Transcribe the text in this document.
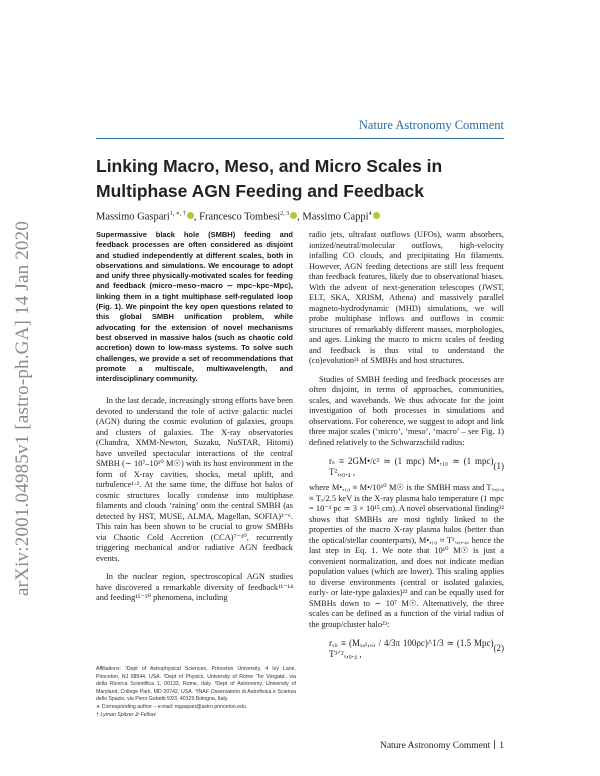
arXiv:2001.04985v1 [astro-ph.GA] 14 Jan 2020
Nature Astronomy Comment
Linking Macro, Meso, and Micro Scales in Multiphase AGN Feeding and Feedback
Massimo Gaspari$^{1, ∗, \dagger}$ , Francesco Tombesi$^{2, 3}$ , Massimo Cappi$^4$

Supermassive black hole (SMBH) feeding and feedback processes are often considered as disjoint and studied independently at different scales, both in observations and simulations. We encourage to adopt and unify three physically-motivated scales for feeding and feedback (micro–meso–macro ∼ mpc–kpc–Mpc), linking them in a tight multiphase self-regulated loop (Fig. 1). We pinpoint the key open questions related to this global SMBH unification problem, while advocating for the extension of novel mechanisms best observed in massive halos (such as chaotic cold accretion) down to low-mass systems. To solve such challenges, we provide a set of recommendations that promote a multiscale, multiwavelength, and interdisciplinary community.

In the last decade, increasingly strong efforts have been devoted to understand the role of active galactic nuclei (AGN) during the cosmic evolution of galaxies, groups and clusters of galaxies. The X-ray observatories (Chandra, XMM-Newton, Suzaku, NuSTAR, Hitomi) have unveiled spectacular interactions of the central SMBH (∼ 10⁷–10¹⁰ M☉) with its host environment in the form of X-ray cavities, shocks, metal uplift, and turbulence¹·². At the same time, the diffuse hot halos of cosmic structures locally condense into multiphase filaments and clouds ‘raining’ onto the central SMBH (as detected by HST, MUSE, ALMA, Magellan, SOFIA)³⁻⁶. This rain has been shown to be crucial to grow SMBHs via Chaotic Cold Accretion (CCA)⁷⁻¹⁰, recurrently triggering mechanical and/or radiative AGN feedback events.

In the nuclear region, spectroscopical AGN studies have discovered a remarkable diversity of feedback¹¹⁻¹⁴ and feeding¹⁵⁻²⁰ phenomena, including

radio jets, ultrafast outflows (UFOs), warm absorbers, ionized/neutral/molecular outflows, high-velocity infalling CO clouds, and precipitating Hα filaments. However, AGN feeding detections are still less frequent than feedback features, likely due to observational biases. With the advent of next-generation telescopes (JWST, ELT, SKA, XRISM, Athena) and massively parallel magneto-hydrodynamic (MHD) simulations, we will probe multiphase inflows and outflows in cosmic structures of remarkably different masses, morphologies, and ages. Linking the macro to micro scales of feeding and feedback is thus vital to understand the (co)evolution²¹ of SMBHs and host structures.

Studies of SMBH feeding and feedback processes are often disjoint, in terms of approaches, communities, scales, and wavebands. We thus advocate for the joint investigation of both processes in simulations and observations. For coherence, we suggest to adopt and link three major scales (‘micro’, ‘meso’, ‘macro’ – see Fig. 1) defined relatively to the Schwarzschild radius:

rₛ ≡ 2GM•/c² ≃ (1 mpc) M•,₁₀ ≃ (1 mpc) T²ₓ,₀.₄ ,
(1)

where M•,₁₀ ≡ M•/10¹⁰ M☉ is the SMBH mass and Tₓ,₀.₄ ≡ Tₓ/2.5 keV is the X-ray plasma halo temperature (1 mpc = 10⁻³ pc ≃ 3 × 10¹⁵ cm). A novel observational finding²² shows that SMBHs are most tightly linked to the properties of the macro X-ray plasma halos (better than the optical/stellar counterparts), M•,₁₀ ≈ T²ₓ,₀.₄, hence the last step in Eq. 1. We note that 10¹⁰ M☉ is just a convenient normalization, and does not indicate median population values (which are lower). This scaling applies to diverse environments (central or isolated galaxies, early- or late-type galaxies)²² and can be equally used for SMBHs down to ∼ 10⁷ M☉. Alternatively, the three scales can be defined as a function of the virial radius of the group/cluster halo²³:

rᵥᵢᵣ ≡ (Mₓₒₗ,ᵥᵢᵣ / 4/3π 100ρc)^1/3 ≃ (1.5 Mpc) T³ᐟ²ₓ,₀.₄ ,
(2)
Affiliations: ¹Dept of Astrophysical Sciences, Princeton University, 4 Ivy Lane, Princeton, NJ 08544, USA. ²Dept of Physics, University of Rome ‘Tor Vergata’, via della Ricerca Scientifica 1, 00133, Rome, Italy. ³Dept of Astronomy, University of Maryland, College Park, MD 20742, USA. ⁴INAF Osservatorio di Astrofisica e Scienza dello Spazio, via Piero Gobetti 93/3, 40129 Bologna, Italy.
∗ Corresponding author – e-mail: mgaspari@astro.princeton.edu
† Lyman Spitzer Jr Fellow
Nature Astronomy Comment 1
